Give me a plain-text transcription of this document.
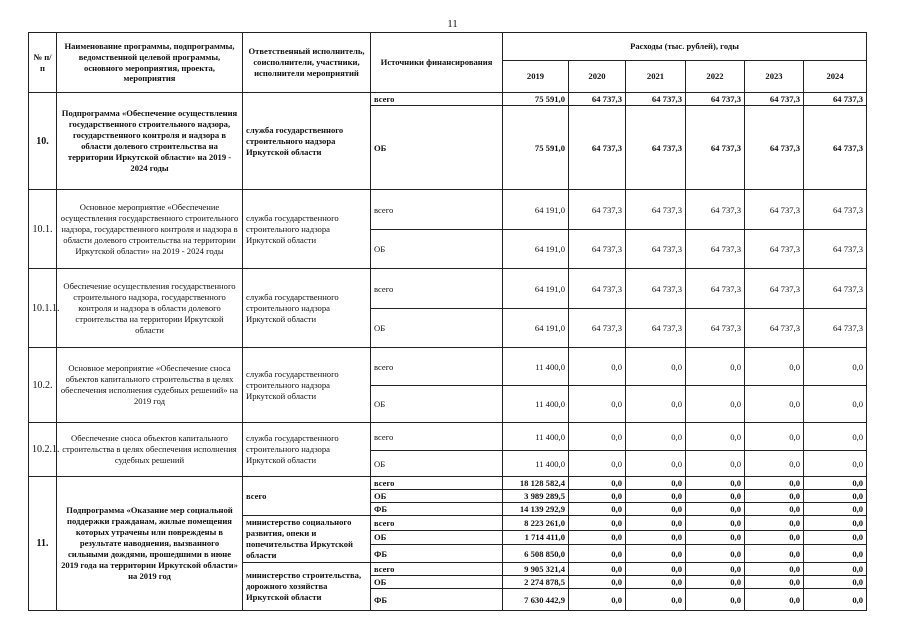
11
№ п/п	Наименование программы, подпрограммы, ведомственной целевой программы, основного мероприятия, проекта, мероприятия	Ответственный исполнитель, соисполнители, участники, исполнители мероприятий	Источники финансирования	Расходы (тыс. рублей), годы					
				2019	2020	2021	2022	2023	2024
10.	Подпрограмма «Обеспечение осуществления государственного строительного надзора, государственного контроля и надзора в области долевого строительства на территории Иркутской области» на 2019 - 2024 годы	служба государственного строительного надзора Иркутской области	всего	75 591,0	64 737,3	64 737,3	64 737,3	64 737,3	64 737,3
			ОБ	75 591,0	64 737,3	64 737,3	64 737,3	64 737,3	64 737,3
10.1.	Основное мероприятие «Обеспечение осуществления государственного строительного надзора, государственного контроля и надзора в области долевого строительства на территории Иркутской области» на 2019 - 2024 годы	служба государственного строительного надзора Иркутской области	всего	64 191,0	64 737,3	64 737,3	64 737,3	64 737,3	64 737,3
			ОБ	64 191,0	64 737,3	64 737,3	64 737,3	64 737,3	64 737,3
10.1.1.	Обеспечение осуществления государственного строительного надзора, государственного контроля и надзора в области долевого строительства на территории Иркутской области	служба государственного строительного надзора Иркутской области	всего	64 191,0	64 737,3	64 737,3	64 737,3	64 737,3	64 737,3
			ОБ	64 191,0	64 737,3	64 737,3	64 737,3	64 737,3	64 737,3
10.2.	Основное мероприятие «Обеспечение сноса объектов капитального строительства в целях обеспечения исполнения судебных решений» на 2019 год	служба государственного строительного надзора Иркутской области	всего	11 400,0	0,0	0,0	0,0	0,0	0,0
			ОБ	11 400,0	0,0	0,0	0,0	0,0	0,0
10.2.1.	Обеспечение сноса объектов капитального строительства в целях обеспечения исполнения судебных решений	служба государственного строительного надзора Иркутской области	всего	11 400,0	0,0	0,0	0,0	0,0	0,0
			ОБ	11 400,0	0,0	0,0	0,0	0,0	0,0
11.	Подпрограмма «Оказание мер социальной поддержки гражданам, жилые помещения которых утрачены или повреждены в результате наводнения, вызванного сильными дождями, прошедшими в июне 2019 года на территории Иркутской области» на 2019 год	всего	всего	18 128 582,4	0,0	0,0	0,0	0,0	0,0
			ОБ	3 989 289,5	0,0	0,0	0,0	0,0	0,0
			ФБ	14 139 292,9	0,0	0,0	0,0	0,0	0,0
		министерство социального развития, опеки и попечительства Иркутской области	всего	8 223 261,0	0,0	0,0	0,0	0,0	0,0
			ОБ	1 714 411,0	0,0	0,0	0,0	0,0	0,0
			ФБ	6 508 850,0	0,0	0,0	0,0	0,0	0,0
		министерство строительства, дорожного хозяйства Иркутской области	всего	9 905 321,4	0,0	0,0	0,0	0,0	0,0
			ОБ	2 274 878,5	0,0	0,0	0,0	0,0	0,0
			ФБ	7 630 442,9	0,0	0,0	0,0	0,0	0,0
